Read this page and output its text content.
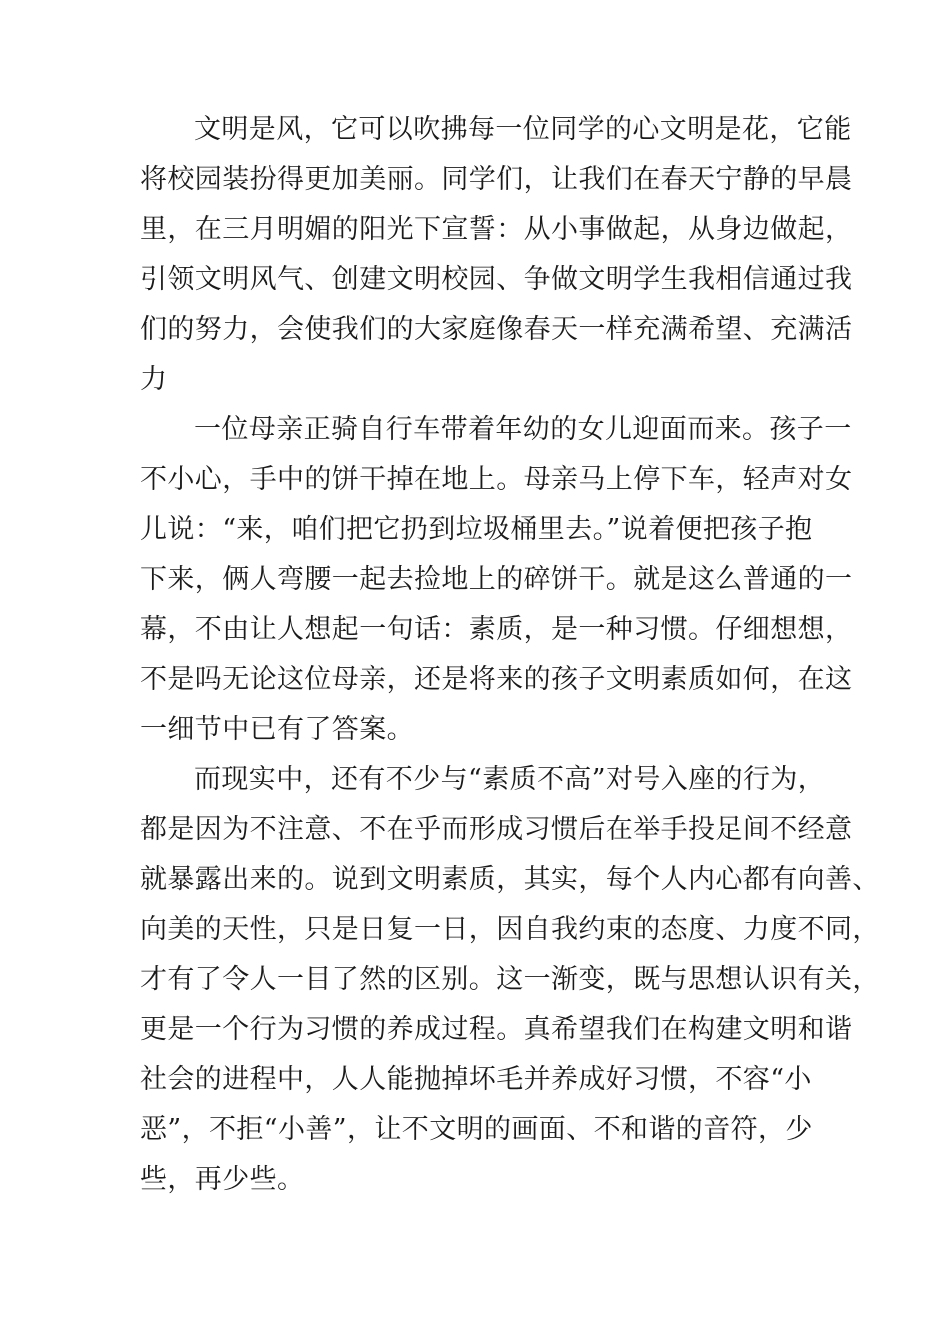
文明是风，它可以吹拂每一位同学的心文明是花，它能
将校园装扮得更加美丽。同学们，让我们在春天宁静的早晨
里，在三月明媚的阳光下宣誓：从小事做起，从身边做起，
引领文明风气、创建文明校园、争做文明学生我相信通过我
们的努力，会使我们的大家庭像春天一样充满希望、充满活
力
一位母亲正骑自行车带着年幼的女儿迎面而来。孩子一
不小心，手中的饼干掉在地上。母亲马上停下车，轻声对女
儿说：“来，咱们把它扔到垃圾桶里去。”说着便把孩子抱
下来，俩人弯腰一起去捡地上的碎饼干。就是这么普通的一
幕，不由让人想起一句话：素质，是一种习惯。仔细想想，
不是吗无论这位母亲，还是将来的孩子文明素质如何，在这
一细节中已有了答案。
而现实中，还有不少与“素质不高”对号入座的行为，
都是因为不注意、不在乎而形成习惯后在举手投足间不经意
就暴露出来的。说到文明素质，其实，每个人内心都有向善、
向美的天性，只是日复一日，因自我约束的态度、力度不同，
才有了令人一目了然的区别。这一渐变，既与思想认识有关，
更是一个行为习惯的养成过程。真希望我们在构建文明和谐
社会的进程中，人人能抛掉坏毛并养成好习惯，不容“小
恶”，不拒“小善”，让不文明的画面、不和谐的音符，少
些，再少些。
